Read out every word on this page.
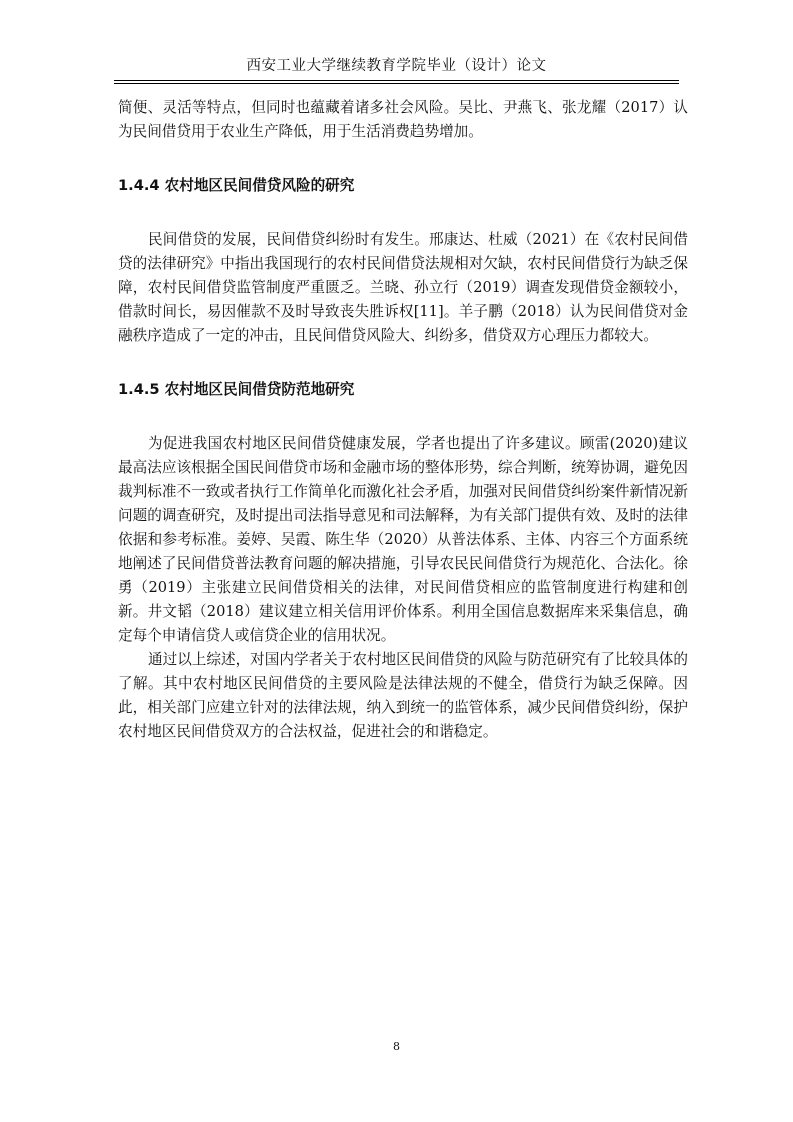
西安工业大学继续教育学院毕业（设计）论文

简便、灵活等特点，但同时也蕴藏着诸多社会风险。吴比、尹燕飞、张龙耀（2017）认为民间借贷用于农业生产降低，用于生活消费趋势增加。

1.4.4 农村地区民间借贷风险的研究

民间借贷的发展，民间借贷纠纷时有发生。邢康达、杜威（2021）在《农村民间借贷的法律研究》中指出我国现行的农村民间借贷法规相对欠缺，农村民间借贷行为缺乏保障，农村民间借贷监管制度严重匮乏。兰晓、孙立行（2019）调查发现借贷金额较小，借款时间长，易因催款不及时导致丧失胜诉权[11]。羊子鹏（2018）认为民间借贷对金融秩序造成了一定的冲击，且民间借贷风险大、纠纷多，借贷双方心理压力都较大。

1.4.5 农村地区民间借贷防范地研究

为促进我国农村地区民间借贷健康发展，学者也提出了许多建议。顾雷(2020)建议最高法应该根据全国民间借贷市场和金融市场的整体形势，综合判断，统筹协调，避免因裁判标准不一致或者执行工作简单化而激化社会矛盾，加强对民间借贷纠纷案件新情况新问题的调查研究，及时提出司法指导意见和司法解释，为有关部门提供有效、及时的法律依据和参考标准。姜婷、吴霞、陈生华（2020）从普法体系、主体、内容三个方面系统地阐述了民间借贷普法教育问题的解决措施，引导农民民间借贷行为规范化、合法化。徐勇（2019）主张建立民间借贷相关的法律，对民间借贷相应的监管制度进行构建和创新。井文韬（2018）建议建立相关信用评价体系。利用全国信息数据库来采集信息，确定每个申请信贷人或信贷企业的信用状况。

通过以上综述，对国内学者关于农村地区民间借贷的风险与防范研究有了比较具体的了解。其中农村地区民间借贷的主要风险是法律法规的不健全，借贷行为缺乏保障。因此，相关部门应建立针对的法律法规，纳入到统一的监管体系，减少民间借贷纠纷，保护农村地区民间借贷双方的合法权益，促进社会的和谐稳定。

8
